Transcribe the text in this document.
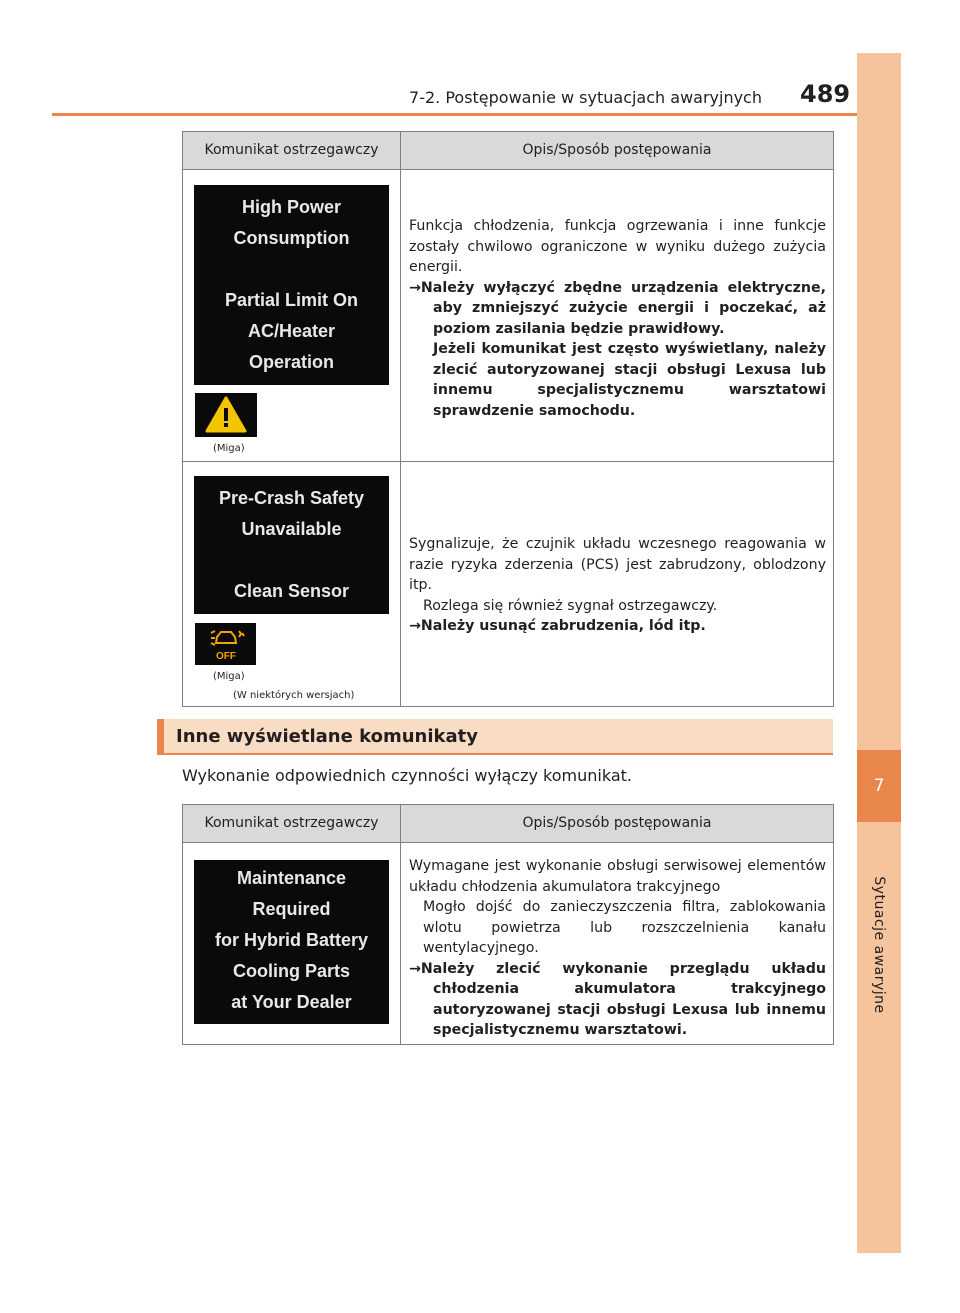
7-2. Postępowanie w sytuacjach awaryjnych 489
7
Sytuacje awaryjne
Komunikat ostrzegawczy	Opis/Sposób postępowania
High Power
Consumption
Partial Limit On
AC/Heater
Operation
(Miga)

Funkcja chłodzenia, funkcja ogrzewania i inne funkcje zostały chwilowo ograniczone w wyniku dużego zużycia energii.

→Należy wyłączyć zbędne urządzenia elektryczne, aby zmniejszyć zużycie energii i poczekać, aż poziom zasilania będzie prawidłowy.

Jeżeli komunikat jest często wyświetlany, należy zlecić autoryzowanej stacji obsługi Lexusa lub innemu specjalistycznemu warsztatowi sprawdzenie samochodu.

Pre-Crash Safety
Unavailable
Clean Sensor
OFF
(Miga)
(W niektórych wersjach)

Sygnalizuje, że czujnik układu wczesnego reagowania w razie ryzyka zderzenia (PCS) jest zabrudzony, oblodzony itp.

Rozlega się również sygnał ostrzegawczy.

→Należy usunąć zabrudzenia, lód itp.

Inne wyświetlane komunikaty
Wykonanie odpowiednich czynności wyłączy komunikat.
Komunikat ostrzegawczy	Opis/Sposób postępowania
Maintenance
Required
for Hybrid Battery
Cooling Parts
at Your Dealer

Wymagane jest wykonanie obsługi serwisowej elementów układu chłodzenia akumulatora trakcyjnego

Mogło dojść do zanieczyszczenia filtra, zablokowania wlotu powietrza lub rozszczelnienia kanału wentylacyjnego.

→Należy zlecić wykonanie przeglądu układu chłodzenia akumulatora trakcyjnego autoryzowanej stacji obsługi Lexusa lub innemu specjalistycznemu warsztatowi.
